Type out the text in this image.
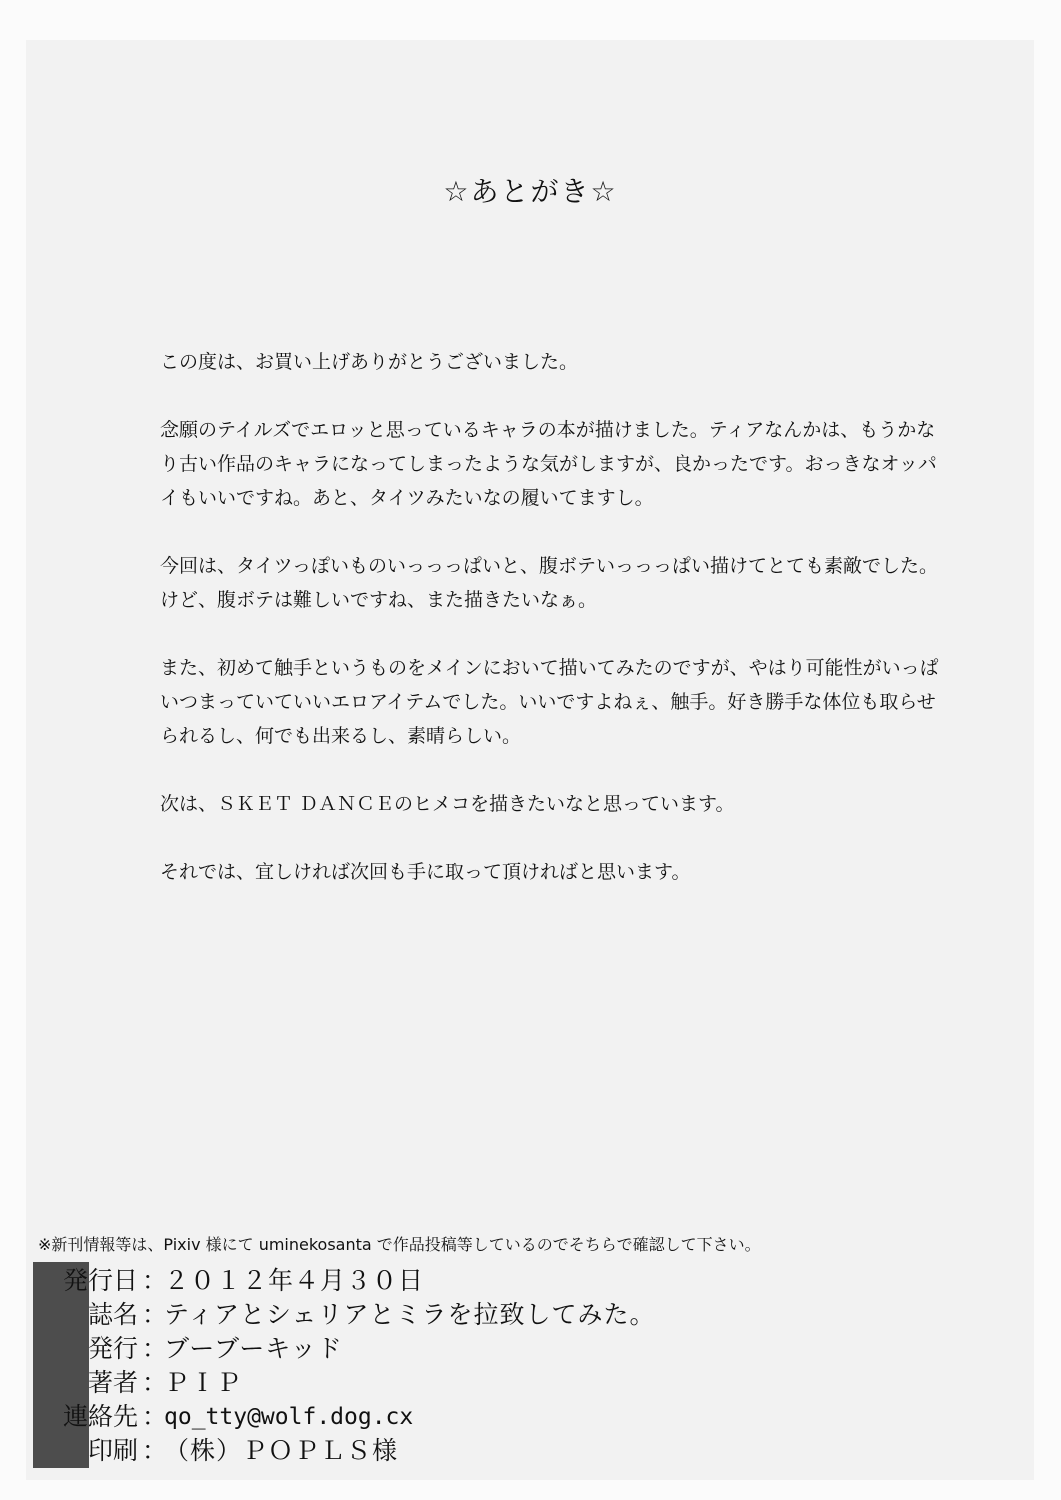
☆あとがき☆

この度は、お買い上げありがとうございました。

念願のテイルズでエロッと思っているキャラの本が描けました。ティアなんかは、もうかなり古い作品のキャラになってしまったような気がしますが、良かったです。おっきなオッパイもいいですね。あと、タイツみたいなの履いてますし。

今回は、タイツっぽいものいっっっぱいと、腹ボテいっっっぱい描けてとても素敵でした。けど、腹ボテは難しいですね、また描きたいなぁ。

また、初めて触手というものをメインにおいて描いてみたのですが、やはり可能性がいっぱいつまっていていいエロアイテムでした。いいですよねぇ、触手。好き勝手な体位も取らせられるし、何でも出来るし、素晴らしい。

次は、ＳＫＥＴ ＤＡＮＣＥのヒメコを描きたいなと思っています。

それでは、宜しければ次回も手に取って頂ければと思います。

※新刊情報等は、Pixiv 様にて uminekosanta で作品投稿等しているのでそちらで確認して下さい。
発行日 ：
２０１２年４月３０日
誌名 ：
ティアとシェリアとミラを拉致してみた。
発行 ：
ブーブーキッド
著者 ：
ＰＩＰ
連絡先 ：
qo_tty@wolf.dog.cx
印刷 ：
（株）ＰＯＰＬＳ様
